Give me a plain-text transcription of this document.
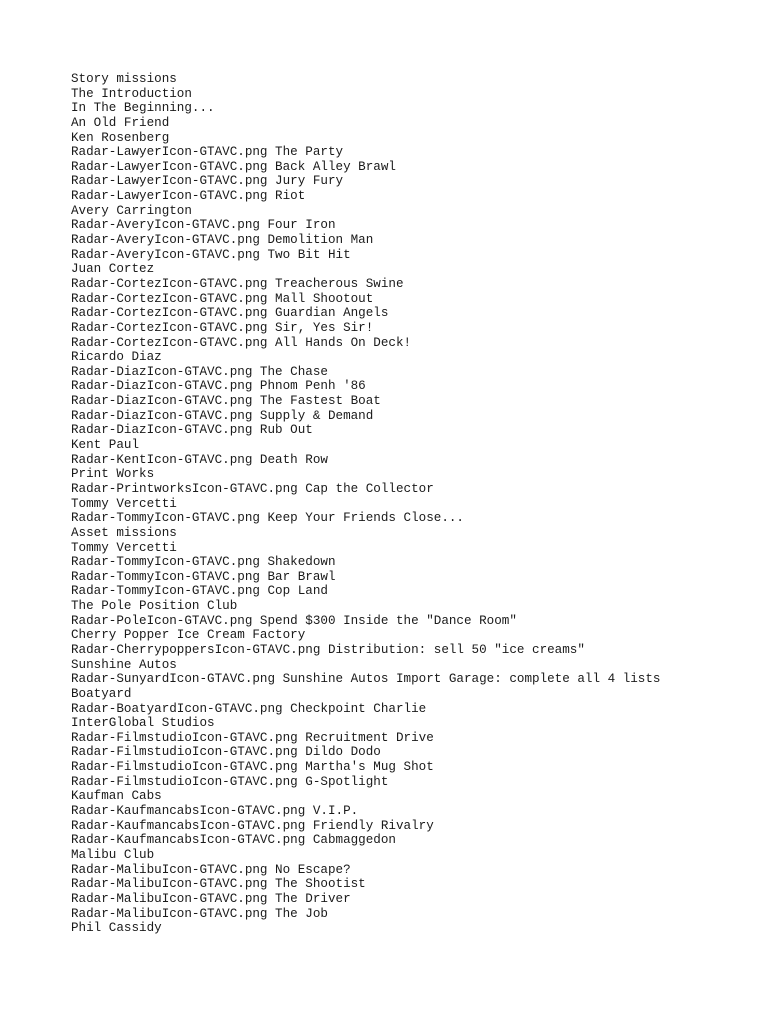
Story missions
The Introduction
In The Beginning...
An Old Friend
Ken Rosenberg
Radar-LawyerIcon-GTAVC.png The Party
Radar-LawyerIcon-GTAVC.png Back Alley Brawl
Radar-LawyerIcon-GTAVC.png Jury Fury
Radar-LawyerIcon-GTAVC.png Riot
Avery Carrington
Radar-AveryIcon-GTAVC.png Four Iron
Radar-AveryIcon-GTAVC.png Demolition Man
Radar-AveryIcon-GTAVC.png Two Bit Hit
Juan Cortez
Radar-CortezIcon-GTAVC.png Treacherous Swine
Radar-CortezIcon-GTAVC.png Mall Shootout
Radar-CortezIcon-GTAVC.png Guardian Angels
Radar-CortezIcon-GTAVC.png Sir, Yes Sir!
Radar-CortezIcon-GTAVC.png All Hands On Deck!
Ricardo Diaz
Radar-DiazIcon-GTAVC.png The Chase
Radar-DiazIcon-GTAVC.png Phnom Penh '86
Radar-DiazIcon-GTAVC.png The Fastest Boat
Radar-DiazIcon-GTAVC.png Supply & Demand
Radar-DiazIcon-GTAVC.png Rub Out
Kent Paul
Radar-KentIcon-GTAVC.png Death Row
Print Works
Radar-PrintworksIcon-GTAVC.png Cap the Collector
Tommy Vercetti
Radar-TommyIcon-GTAVC.png Keep Your Friends Close...
Asset missions
Tommy Vercetti
Radar-TommyIcon-GTAVC.png Shakedown
Radar-TommyIcon-GTAVC.png Bar Brawl
Radar-TommyIcon-GTAVC.png Cop Land
The Pole Position Club
Radar-PoleIcon-GTAVC.png Spend $300 Inside the "Dance Room"
Cherry Popper Ice Cream Factory
Radar-CherrypoppersIcon-GTAVC.png Distribution: sell 50 "ice creams"
Sunshine Autos
Radar-SunyardIcon-GTAVC.png Sunshine Autos Import Garage: complete all 4 lists
Boatyard
Radar-BoatyardIcon-GTAVC.png Checkpoint Charlie
InterGlobal Studios
Radar-FilmstudioIcon-GTAVC.png Recruitment Drive
Radar-FilmstudioIcon-GTAVC.png Dildo Dodo
Radar-FilmstudioIcon-GTAVC.png Martha's Mug Shot
Radar-FilmstudioIcon-GTAVC.png G-Spotlight
Kaufman Cabs
Radar-KaufmancabsIcon-GTAVC.png V.I.P.
Radar-KaufmancabsIcon-GTAVC.png Friendly Rivalry
Radar-KaufmancabsIcon-GTAVC.png Cabmaggedon
Malibu Club
Radar-MalibuIcon-GTAVC.png No Escape?
Radar-MalibuIcon-GTAVC.png The Shootist
Radar-MalibuIcon-GTAVC.png The Driver
Radar-MalibuIcon-GTAVC.png The Job
Phil Cassidy
